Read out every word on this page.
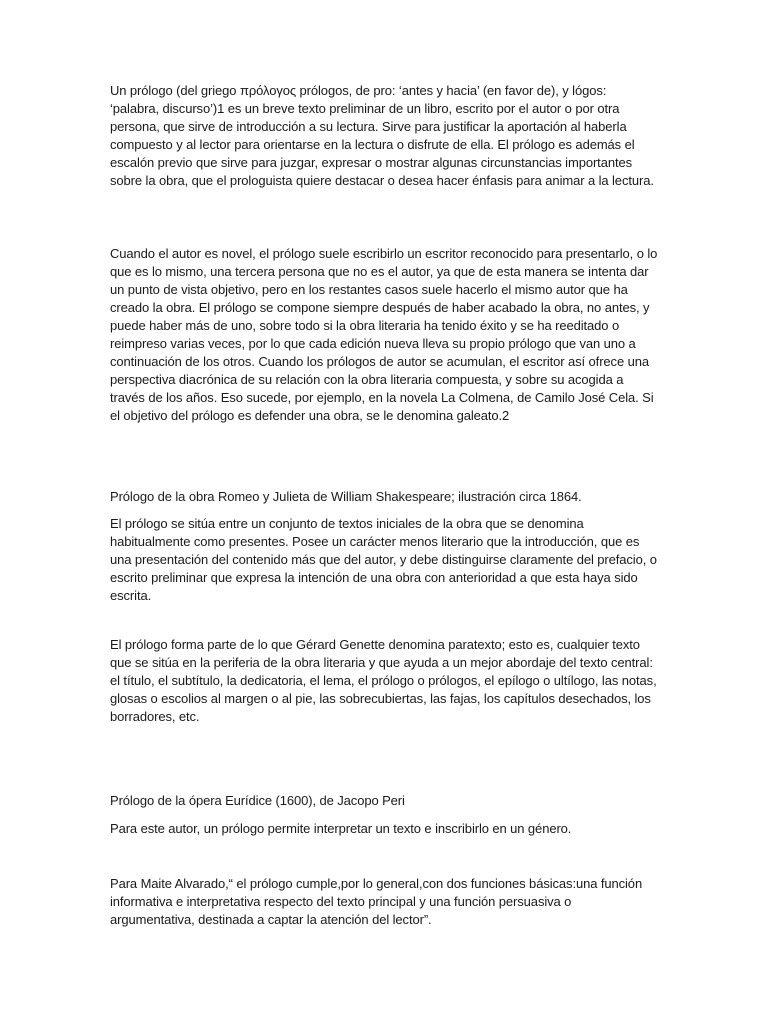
Un prólogo (del griego πρόλογος prólogos, de pro: ‘antes y hacia’ (en favor de), y lógos: ‘palabra, discurso’)1 es un breve texto preliminar de un libro, escrito por el autor o por otra persona, que sirve de introducción a su lectura. Sirve para justificar la aportación al haberla compuesto y al lector para orientarse en la lectura o disfrute de ella. El prólogo es además el escalón previo que sirve para juzgar, expresar o mostrar algunas circunstancias importantes sobre la obra, que el prologuista quiere destacar o desea hacer énfasis para animar a la lectura.

Cuando el autor es novel, el prólogo suele escribirlo un escritor reconocido para presentarlo, o lo que es lo mismo, una tercera persona que no es el autor, ya que de esta manera se intenta dar un punto de vista objetivo, pero en los restantes casos suele hacerlo el mismo autor que ha creado la obra. El prólogo se compone siempre después de haber acabado la obra, no antes, y puede haber más de uno, sobre todo si la obra literaria ha tenido éxito y se ha reeditado o reimpreso varias veces, por lo que cada edición nueva lleva su propio prólogo que van uno a continuación de los otros. Cuando los prólogos de autor se acumulan, el escritor así ofrece una perspectiva diacrónica de su relación con la obra literaria compuesta, y sobre su acogida a través de los años. Eso sucede, por ejemplo, en la novela La Colmena, de Camilo José Cela. Si el objetivo del prólogo es defender una obra, se le denomina galeato.2

Prólogo de la obra Romeo y Julieta de William Shakespeare; ilustración circa 1864.

El prólogo se sitúa entre un conjunto de textos iniciales de la obra que se denomina habitualmente como presentes. Posee un carácter menos literario que la introducción, que es una presentación del contenido más que del autor, y debe distinguirse claramente del prefacio, o escrito preliminar que expresa la intención de una obra con anterioridad a que esta haya sido escrita.

El prólogo forma parte de lo que Gérard Genette denomina paratexto; esto es, cualquier texto que se sitúa en la periferia de la obra literaria y que ayuda a un mejor abordaje del texto central: el título, el subtítulo, la dedicatoria, el lema, el prólogo o prólogos, el epílogo o ultílogo, las notas, glosas o escolios al margen o al pie, las sobrecubiertas, las fajas, los capítulos desechados, los borradores, etc.

Prólogo de la ópera Eurídice (1600), de Jacopo Peri

Para este autor, un prólogo permite interpretar un texto e inscribirlo en un género.

Para Maite Alvarado,“ el prólogo cumple,por lo general,con dos funciones básicas:una función informativa e interpretativa respecto del texto principal y una función persuasiva o argumentativa, destinada a captar la atención del lector”.
